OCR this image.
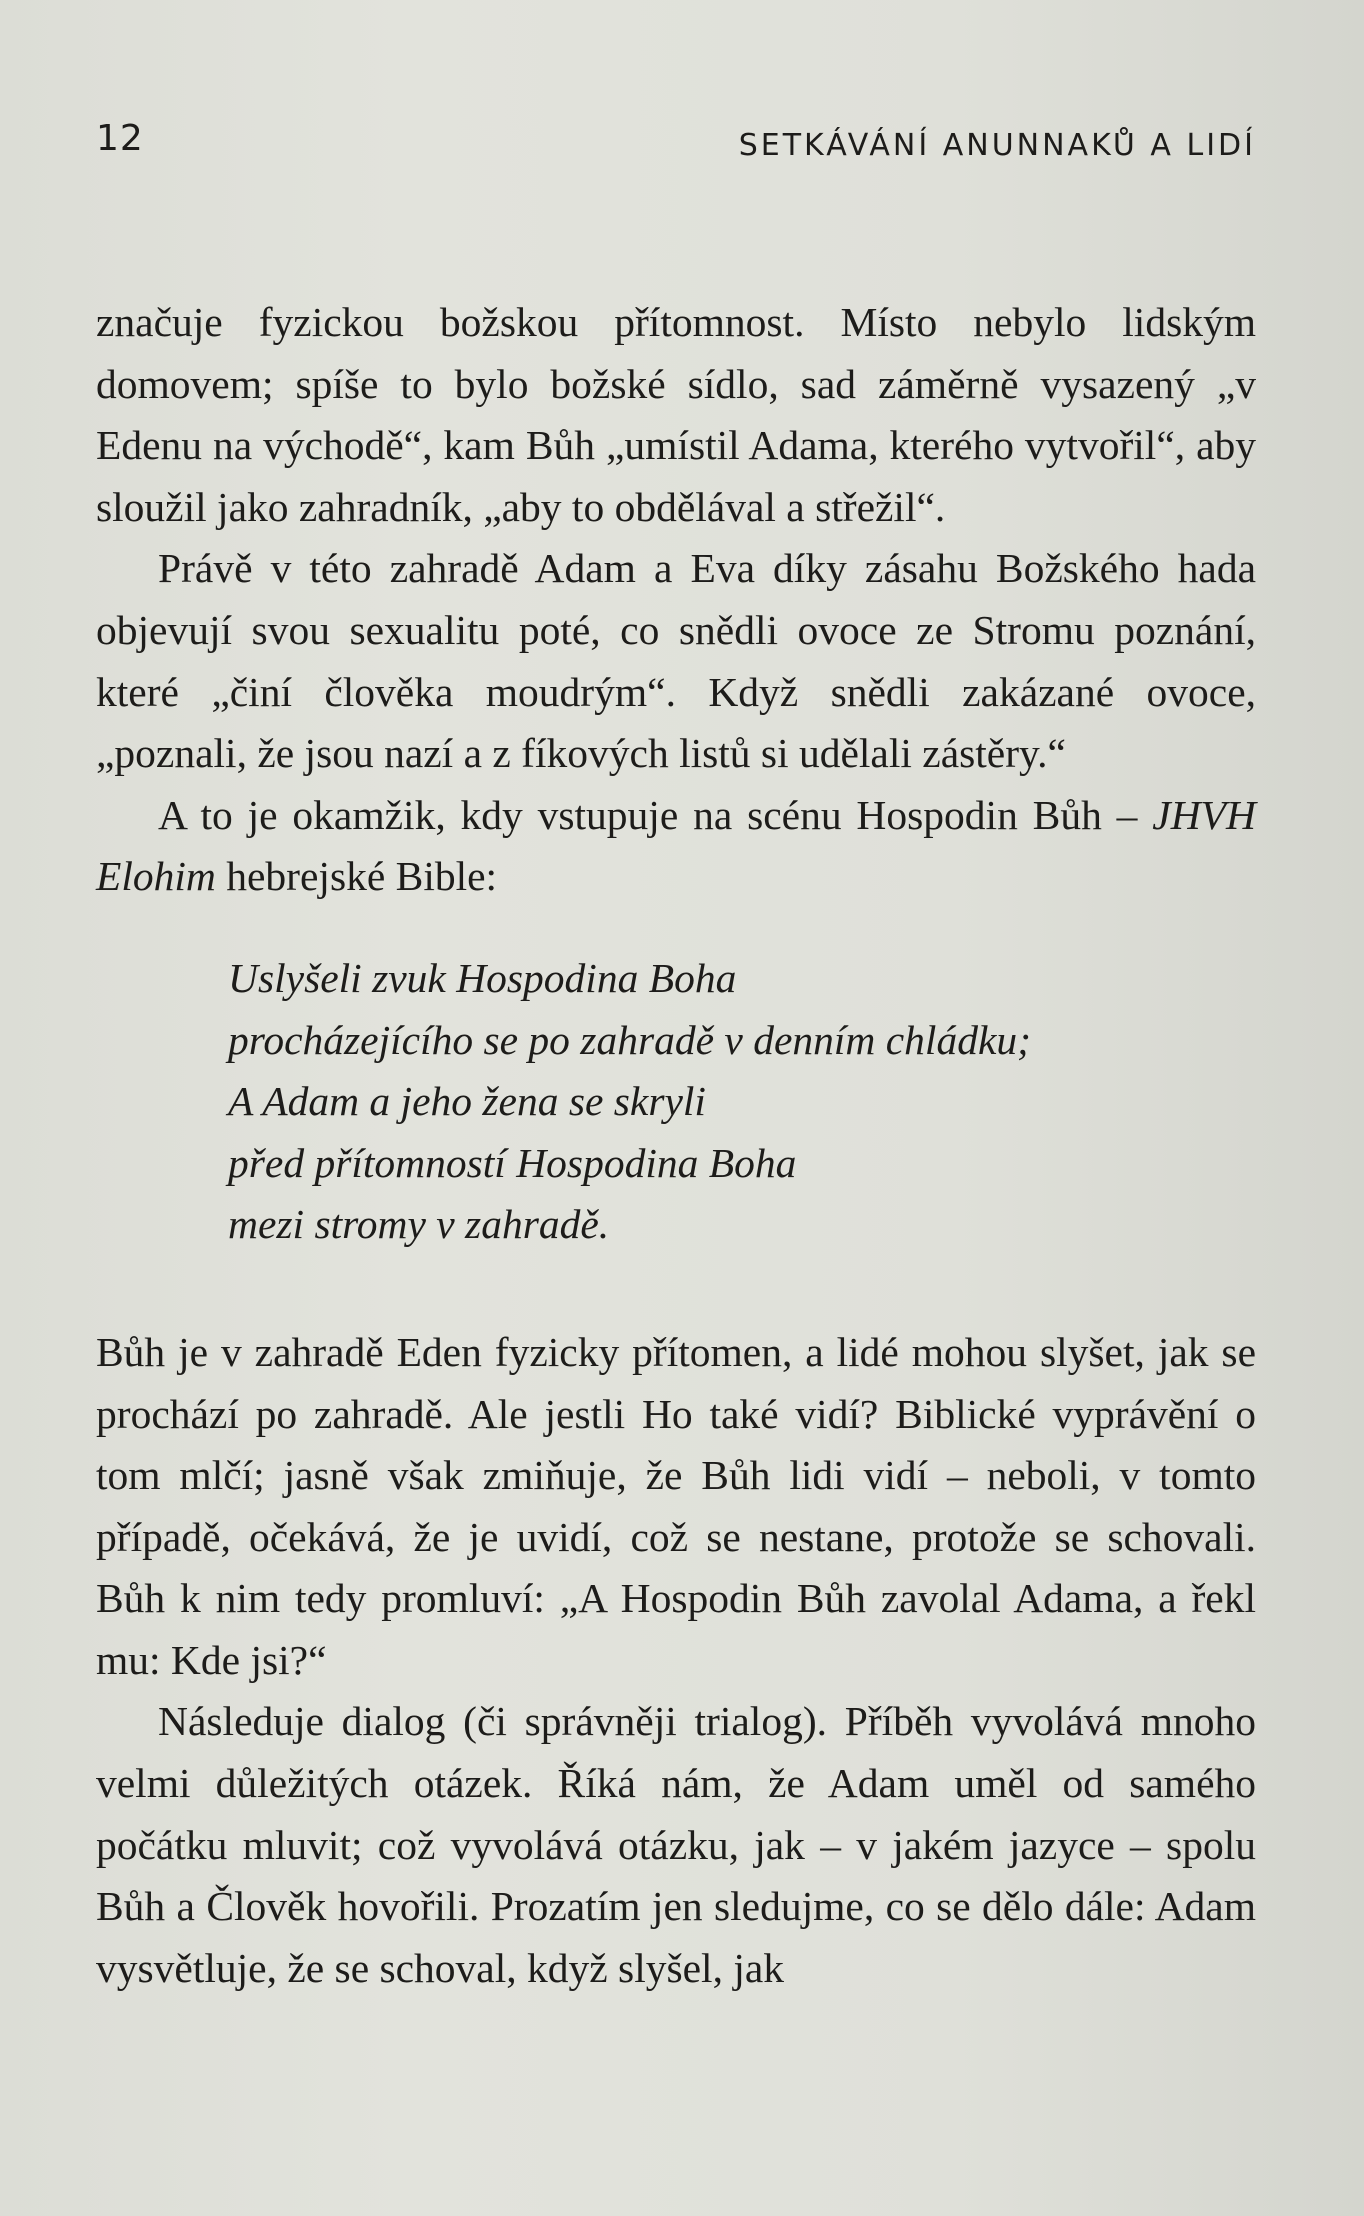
12	SETKÁVÁNÍ ANUNNAKŮ A LIDÍ

značuje fyzickou božskou přítomnost. Místo nebylo lidským domovem; spíše to bylo božské sídlo, sad záměrně vysazený „v Edenu na východě“, kam Bůh „umístil Adama, kterého vytvořil“, aby sloužil jako zahradník, „aby to obdělával a střežil“.

Právě v této zahradě Adam a Eva díky zásahu Božského hada objevují svou sexualitu poté, co snědli ovoce ze Stromu poznání, které „činí člověka moudrým“. Když snědli zakázané ovoce, „poznali, že jsou nazí a z fíkových listů si udělali zástěry.“

A to je okamžik, kdy vstupuje na scénu Hospodin Bůh – JHVH Elohim hebrejské Bible:

Uslyšeli zvuk Hospodina Boha
procházejícího se po zahradě v denním chládku;
A Adam a jeho žena se skryli
před přítomností Hospodina Boha
mezi stromy v zahradě.

Bůh je v zahradě Eden fyzicky přítomen, a lidé mohou slyšet, jak se prochází po zahradě. Ale jestli Ho také vidí? Biblické vyprávění o tom mlčí; jasně však zmiňuje, že Bůh lidi vidí – neboli, v tomto případě, očekává, že je uvidí, což se nestane, protože se schovali. Bůh k nim tedy promluví: „A Hospodin Bůh zavolal Adama, a řekl mu: Kde jsi?“

Následuje dialog (či správněji trialog). Příběh vyvolává mnoho velmi důležitých otázek. Říká nám, že Adam uměl od samého počátku mluvit; což vyvolává otázku, jak – v jakém jazyce – spolu Bůh a Člověk hovořili. Prozatím jen sledujme, co se dělo dále: Adam vysvětluje, že se schoval, když slyšel, jak
